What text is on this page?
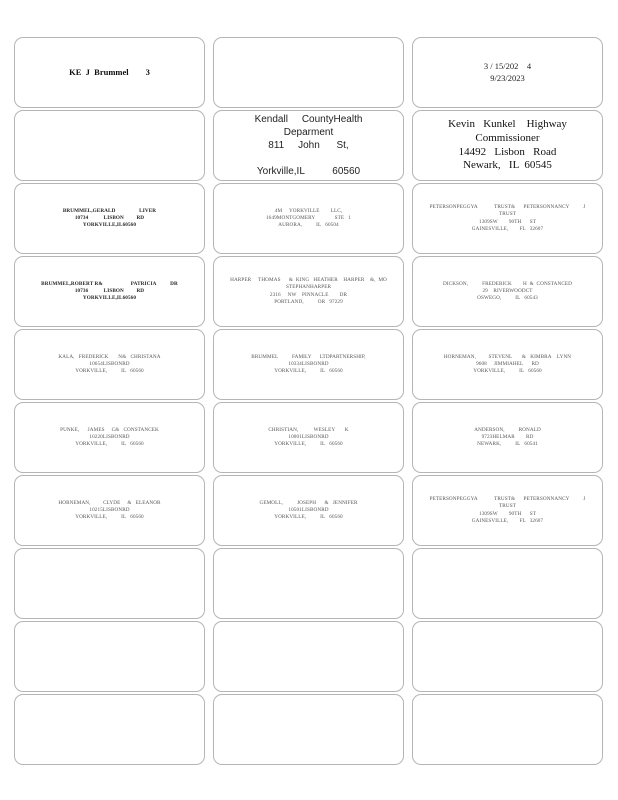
KE  J  Brummel        3
3 / 15/202    4
9/23/2023
Kendall     CountyHealth
Deparment
811     John      St,

Yorkville,IL          60560
Kevin   Kunkel    Highway
Commissioner
14492   Lisbon   Road
Newark,   IL  60545
BRUMMEL,GERALD                 LIVER
10734           LISBON         RD
YORKVILLE,IL60560
4M     YORKVILLE        LLC,
1649MONTGOMERY              STE   1
AURORA,          IL   60504
PETERSONPEGGYA            TRUST&      PETERSONNANCY          J
TRUST
1309SW        90TH      ST
GAINESVILLE,        FL   32607
BRUMMEL,ROBERT R&                    PATRICIA          DR
10736           LISBON         RD
YORKVILLE,IL60560
HARPER     THOMAS      &  KING   HEATHER    HARPER    &,  MO
STEPHANHARPER
2316     NW    PINNACLE        DR
PORTLAND,          OR   97229
DICKSON,          FREDERICK        H  &  CONSTANCED
29    RIVERWOODCT
OSWEGO,          IL   60543
KALA,   FREDERICK       N&   CHRISTANA
10654LISBONRD
YORKVILLE,          IL   60560
BRUMMEL          FAMILY      LTDPARTNERSHIP,
10334LISBONRD
YORKVILLE,          IL   60560
HORNEMAN,         STEVENL       &   KIMBRA    LYNN
9608     JIMMIAHEL      RD
YORKVILLE,          IL   60560
PUNKE,      JAMES     C&   CONSTANCEK
10220LISBONRD
YORKVILLE,          IL   60560
CHRISTIAN,           WESLEY       K
10001LISBONRD
YORKVILLE,          IL   60560
ANDERSON,          RONALD
9723HELMAR        RD
NEWARK,          IL   60541
HORNEMAN,         CLYDE     &   ELEANOR
10215LISBONRD
YORKVILLE,          IL   60560
GEMOLL,          JOSEPH      &   JENNIFER
10501LISBONRD
YORKVILLE,          IL   60560
PETERSONPEGGYA            TRUST&      PETERSONNANCY          J
TRUST
1309SW        90TH      ST
GAINESVILLE,        FL   32607
